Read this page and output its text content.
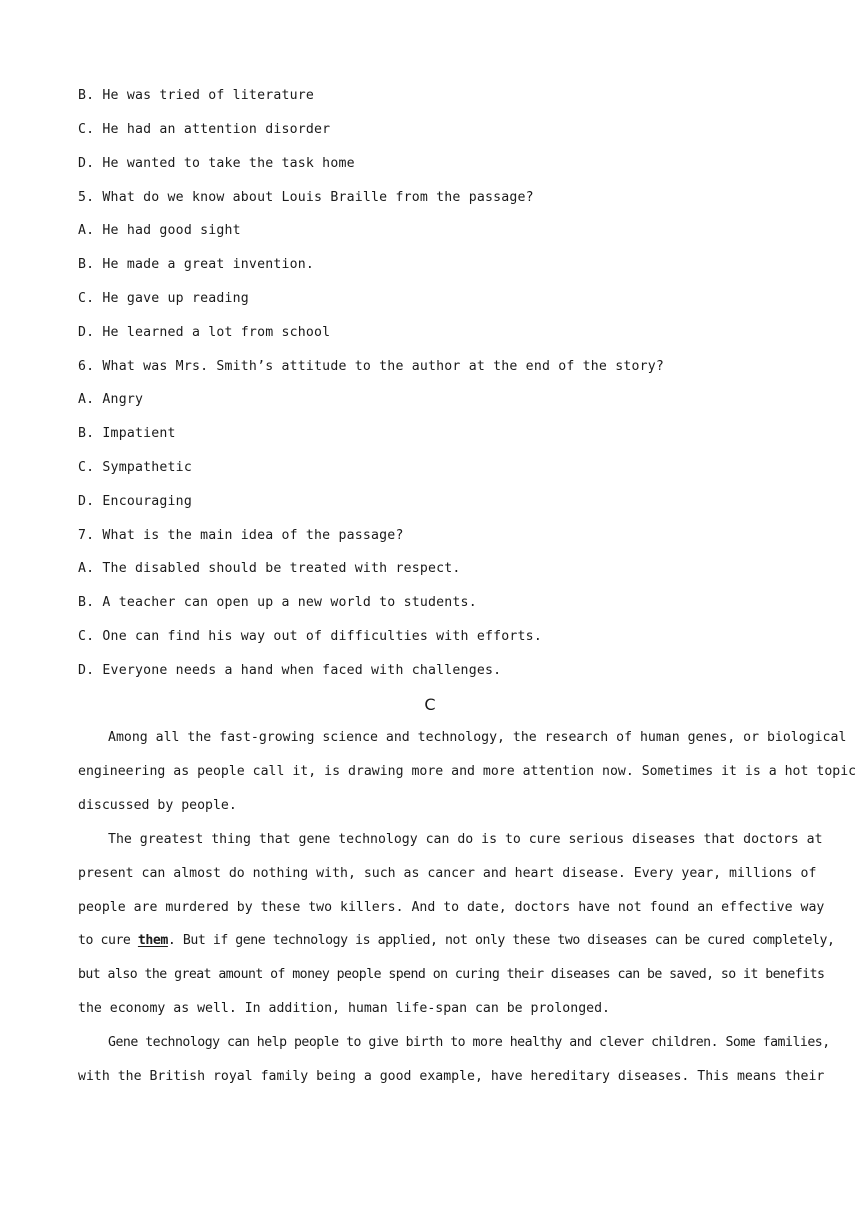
B. He was tried of literature
C. He had an attention disorder
D. He wanted to take the task home
5. What do we know about Louis Braille from the passage?
A. He had good sight
B. He made a great invention.
C. He gave up reading
D. He learned a lot from school
6. What was Mrs. Smith’s attitude to the author at the end of the story?
A. Angry
B. Impatient
C. Sympathetic
D. Encouraging
7. What is the main idea of the passage?
A. The disabled should be treated with respect.
B. A teacher can open up a new world to students.
C. One can find his way out of difficulties with efforts.
D. Everyone needs a hand when faced with challenges.
C
Among all the fast-growing science and technology, the research of human genes, or biological
engineering as people call it, is drawing more and more attention now. Sometimes it is a hot topic
discussed by people.
The greatest thing that gene technology can do is to cure serious diseases that doctors at
present can almost do nothing with, such as cancer and heart disease. Every year, millions of
people are murdered by these two killers. And to date, doctors have not found an effective way
to cure them. But if gene technology is applied, not only these two diseases can be cured completely,
but also the great amount of money people spend on curing their diseases can be saved, so it benefits
the economy as well. In addition, human life-span can be prolonged.
Gene technology can help people to give birth to more healthy and clever children. Some families,
with the British royal family being a good example, have hereditary diseases. This means their
